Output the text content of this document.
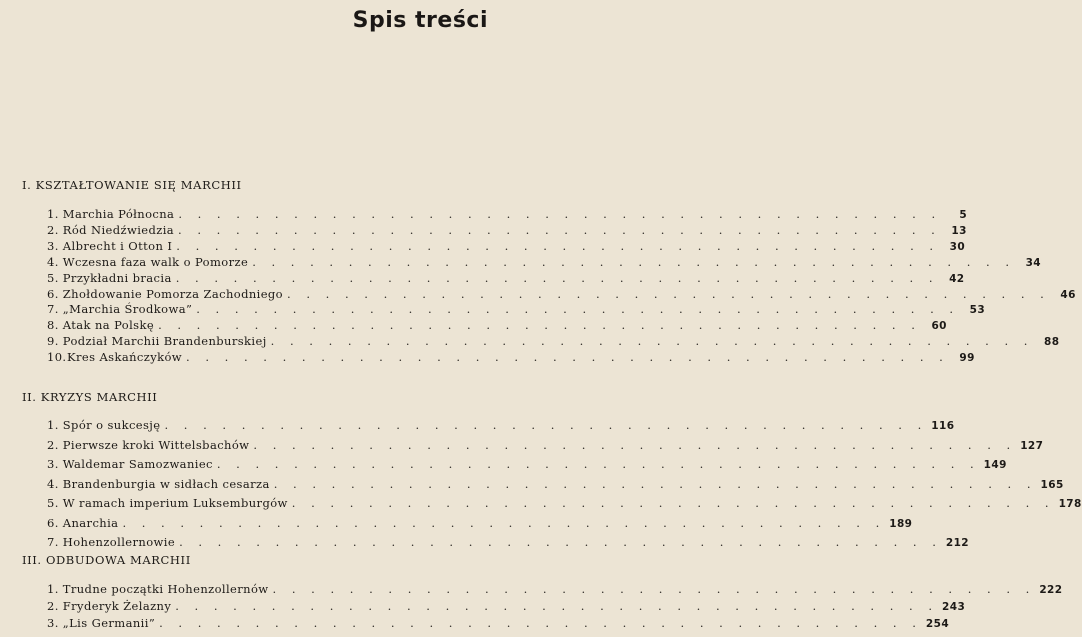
Spis treści
I. KSZTAŁTOWANIE SIĘ MARCHII
1. Marchia Północna . . . . . . . . . . . . . . . . . . . . . . . . . . . . . . . . . . . . . . . .	5
2. Ród Niedźwiedzia . . . . . . . . . . . . . . . . . . . . . . . . . . . . . . . . . . . . . . . .	13
3. Albrecht i Otton I . . . . . . . . . . . . . . . . . . . . . . . . . . . . . . . . . . . . . . . .	30
4. Wczesna faza walk o Pomorze . . . . . . . . . . . . . . . . . . . . . . . . . . . . . . . . . . . . . . . .	34
5. Przykładni bracia . . . . . . . . . . . . . . . . . . . . . . . . . . . . . . . . . . . . . . . .	42
6. Zhołdowanie Pomorza Zachodniego . . . . . . . . . . . . . . . . . . . . . . . . . . . . . . . . . . . . . . . .	46
7. „Marchia Środkowa” . . . . . . . . . . . . . . . . . . . . . . . . . . . . . . . . . . . . . . . .	53
8. Atak na Polskę . . . . . . . . . . . . . . . . . . . . . . . . . . . . . . . . . . . . . . . .	60
9. Podział Marchii Brandenburskiej . . . . . . . . . . . . . . . . . . . . . . . . . . . . . . . . . . . . . . . .	88
10. Kres Askańczyków . . . . . . . . . . . . . . . . . . . . . . . . . . . . . . . . . . . . . . . .	99
II. KRYZYS MARCHII
1. Spór o sukcesję . . . . . . . . . . . . . . . . . . . . . . . . . . . . . . . . . . . . . . . . 116
2. Pierwsze kroki Wittelsbachów . . . . . . . . . . . . . . . . . . . . . . . . . . . . . . . . . . . . . . . . 127
3. Waldemar Samozwaniec . . . . . . . . . . . . . . . . . . . . . . . . . . . . . . . . . . . . . . . . 149
4. Brandenburgia w sidłach cesarza . . . . . . . . . . . . . . . . . . . . . . . . . . . . . . . . . . . . . . . . 165
5. W ramach imperium Luksemburgów . . . . . . . . . . . . . . . . . . . . . . . . . . . . . . . . . . . . . . . . 178
6. Anarchia . . . . . . . . . . . . . . . . . . . . . . . . . . . . . . . . . . . . . . . . 189
7. Hohenzollernowie . . . . . . . . . . . . . . . . . . . . . . . . . . . . . . . . . . . . . . . . 212
III. ODBUDOWA MARCHII
1. Trudne początki Hohenzollernów . . . . . . . . . . . . . . . . . . . . . . . . . . . . . . . . . . . . . . . . 222
2. Fryderyk Żelazny . . . . . . . . . . . . . . . . . . . . . . . . . . . . . . . . . . . . . . . . 243
3. „Lis Germanii” . . . . . . . . . . . . . . . . . . . . . . . . . . . . . . . . . . . . . . . . 254
